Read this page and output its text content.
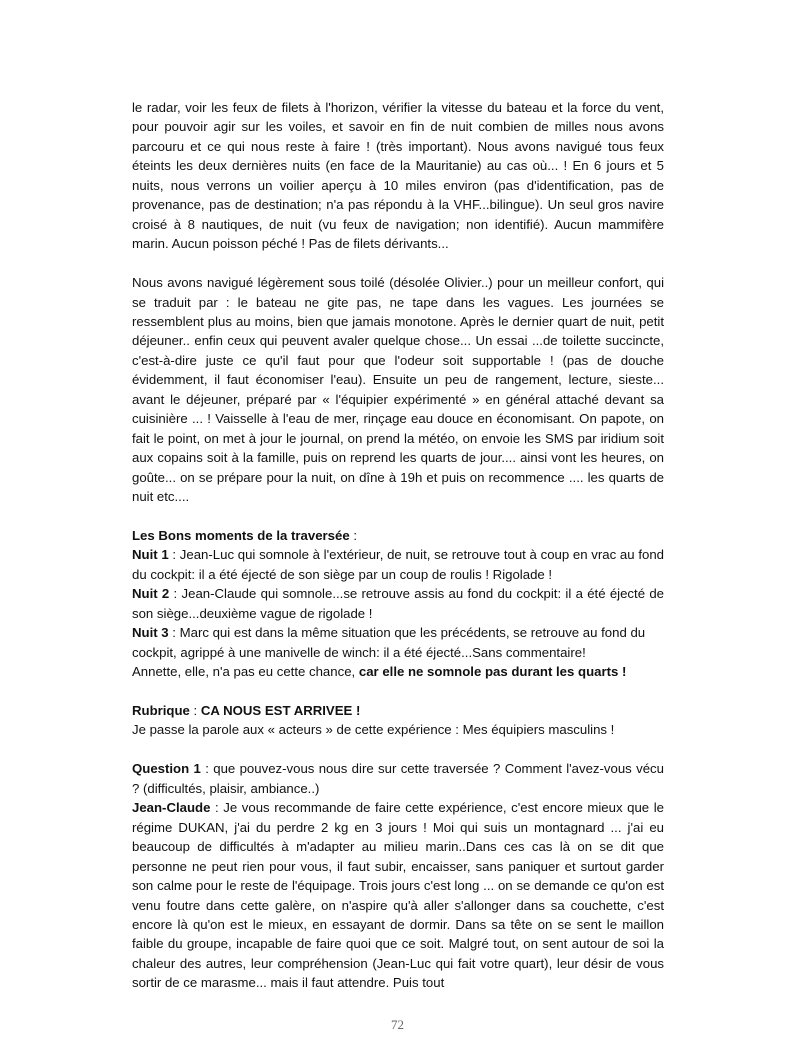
le radar, voir les feux de filets à l'horizon, vérifier la vitesse du bateau et la force du vent, pour pouvoir agir sur les voiles, et savoir en fin de nuit combien de milles nous avons parcouru et ce qui nous reste à faire ! (très important). Nous avons navigué tous feux éteints les deux dernières nuits (en face de la Mauritanie) au cas où... ! En 6 jours et 5 nuits, nous verrons un voilier aperçu à 10 miles environ (pas d'identification, pas de provenance, pas de destination; n'a pas répondu à la VHF...bilingue). Un seul gros navire croisé à 8 nautiques, de nuit (vu feux de navigation; non identifié). Aucun mammifère marin. Aucun poisson péché ! Pas de filets dérivants...

Nous avons navigué légèrement sous toilé (désolée Olivier..) pour un meilleur confort, qui se traduit par : le bateau ne gite pas, ne tape dans les vagues. Les journées se ressemblent plus au moins, bien que jamais monotone. Après le dernier quart de nuit, petit déjeuner.. enfin ceux qui peuvent avaler quelque chose... Un essai ...de toilette succincte, c'est-à-dire juste ce qu'il faut pour que l'odeur soit supportable ! (pas de douche évidemment, il faut économiser l'eau). Ensuite un peu de rangement, lecture, sieste... avant le déjeuner, préparé par « l'équipier expérimenté » en général attaché devant sa cuisinière ... ! Vaisselle à l'eau de mer, rinçage eau douce en économisant. On papote, on fait le point, on met à jour le journal, on prend la météo, on envoie les SMS par iridium soit aux copains soit à la famille, puis on reprend les quarts de jour.... ainsi vont les heures, on goûte... on se prépare pour la nuit, on dîne à 19h et puis on recommence .... les quarts de nuit etc....

Les Bons moments de la traversée :

Nuit 1 : Jean-Luc qui somnole à l'extérieur, de nuit, se retrouve tout à coup en vrac au fond du cockpit: il a été éjecté de son siège par un coup de roulis ! Rigolade !

Nuit 2 : Jean-Claude qui somnole...se retrouve assis au fond du cockpit: il a été éjecté de son siège...deuxième vague de rigolade !

Nuit 3 : Marc qui est dans la même situation que les précédents, se retrouve au fond du cockpit, agrippé à une manivelle de winch: il a été éjecté...Sans commentaire!

Annette, elle, n'a pas eu cette chance, car elle ne somnole pas durant les quarts !

Rubrique : CA NOUS EST ARRIVEE !

Je passe la parole aux « acteurs » de cette expérience : Mes équipiers masculins !

Question 1 : que pouvez-vous nous dire sur cette traversée ? Comment l'avez-vous vécu ? (difficultés, plaisir, ambiance..)

Jean-Claude : Je vous recommande de faire cette expérience, c'est encore mieux que le régime DUKAN, j'ai du perdre 2 kg en 3 jours ! Moi qui suis un montagnard ... j'ai eu beaucoup de difficultés à m'adapter au milieu marin..Dans ces cas là on se dit que personne ne peut rien pour vous, il faut subir, encaisser, sans paniquer et surtout garder son calme pour le reste de l'équipage. Trois jours c'est long ... on se demande ce qu'on est venu foutre dans cette galère, on n'aspire qu'à aller s'allonger dans sa couchette, c'est encore là qu'on est le mieux, en essayant de dormir. Dans sa tête on se sent le maillon faible du groupe, incapable de faire quoi que ce soit. Malgré tout, on sent autour de soi la chaleur des autres, leur compréhension (Jean-Luc qui fait votre quart), leur désir de vous sortir de ce marasme... mais il faut attendre. Puis tout

72
